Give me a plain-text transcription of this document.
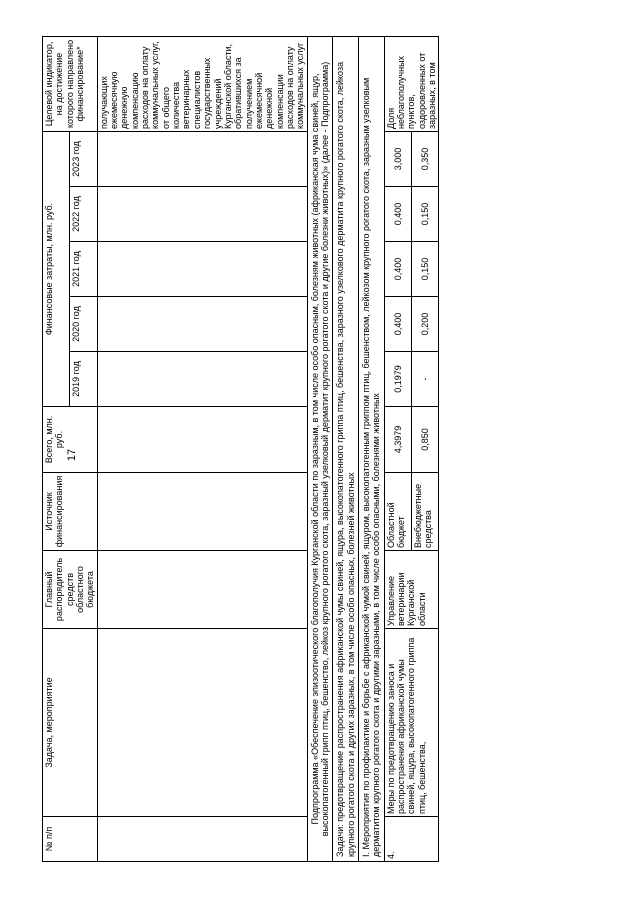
17
№ п/п	Задача, мероприятие	Главный распорядитель средств областного бюджета	Источник финансирования	Всего, млн. руб.	Финансовые затраты, млн. руб.					Целевой индикатор, на достижение которого направлено финансирование*
					2019 год	2020 год	2021 год	2022 год	2023 год	
										получающих ежемесячную денежную компенсацию расходов на оплату коммунальных услуг, от общего количества ветеринарных специалистов государственных учреждений Курганской области, обратившихся за получением ежемесячной денежной компенсации расходов на оплату коммунальных услуг
Подпрограмма «Обеспечение эпизоотического благополучия Курганской области по заразным, в том числе особо опасным, болезням животных (африканская чума свиней, ящур, высокопатогенный грипп птиц, бешенство, лейкоз крупного рогатого скота, заразный узелковый дерматит крупного рогатого скота и другие болезни животных)» (далее - Подпрограмма)										
Задачи: предотвращение распространения африканской чумы свиней, ящура, высокопатогенного гриппа птиц, бешенства, заразного узелкового дерматита крупного рогатого скота, лейкоза крупного рогатого скота и других заразных, в том числе особо опасных, болезней животных										
I. Мероприятия по профилактике и борьбе с африканской чумой свиней, ящуром, высокопатогенным гриппом птиц, бешенством, лейкозом крупного рогатого скота, заразным узелковым дерматитом крупного рогатого скота и другими заразными, в том числе особо опасными, болезнями животных										
4.	Меры по предотвращению заноса и распространения африканской чумы свиней, ящура, высокопатогенного гриппа птиц, бешенства,	Управление ветеринарии Курганской области	Областной бюджет	4,3979	0,1979	0,400	0,400	0,400	3,000	Доля неблагополучных пунктов, оздоровленных от заразных, в том
			Внебюджетные средства	0,850	-	0,200	0,150	0,150	0,350	
